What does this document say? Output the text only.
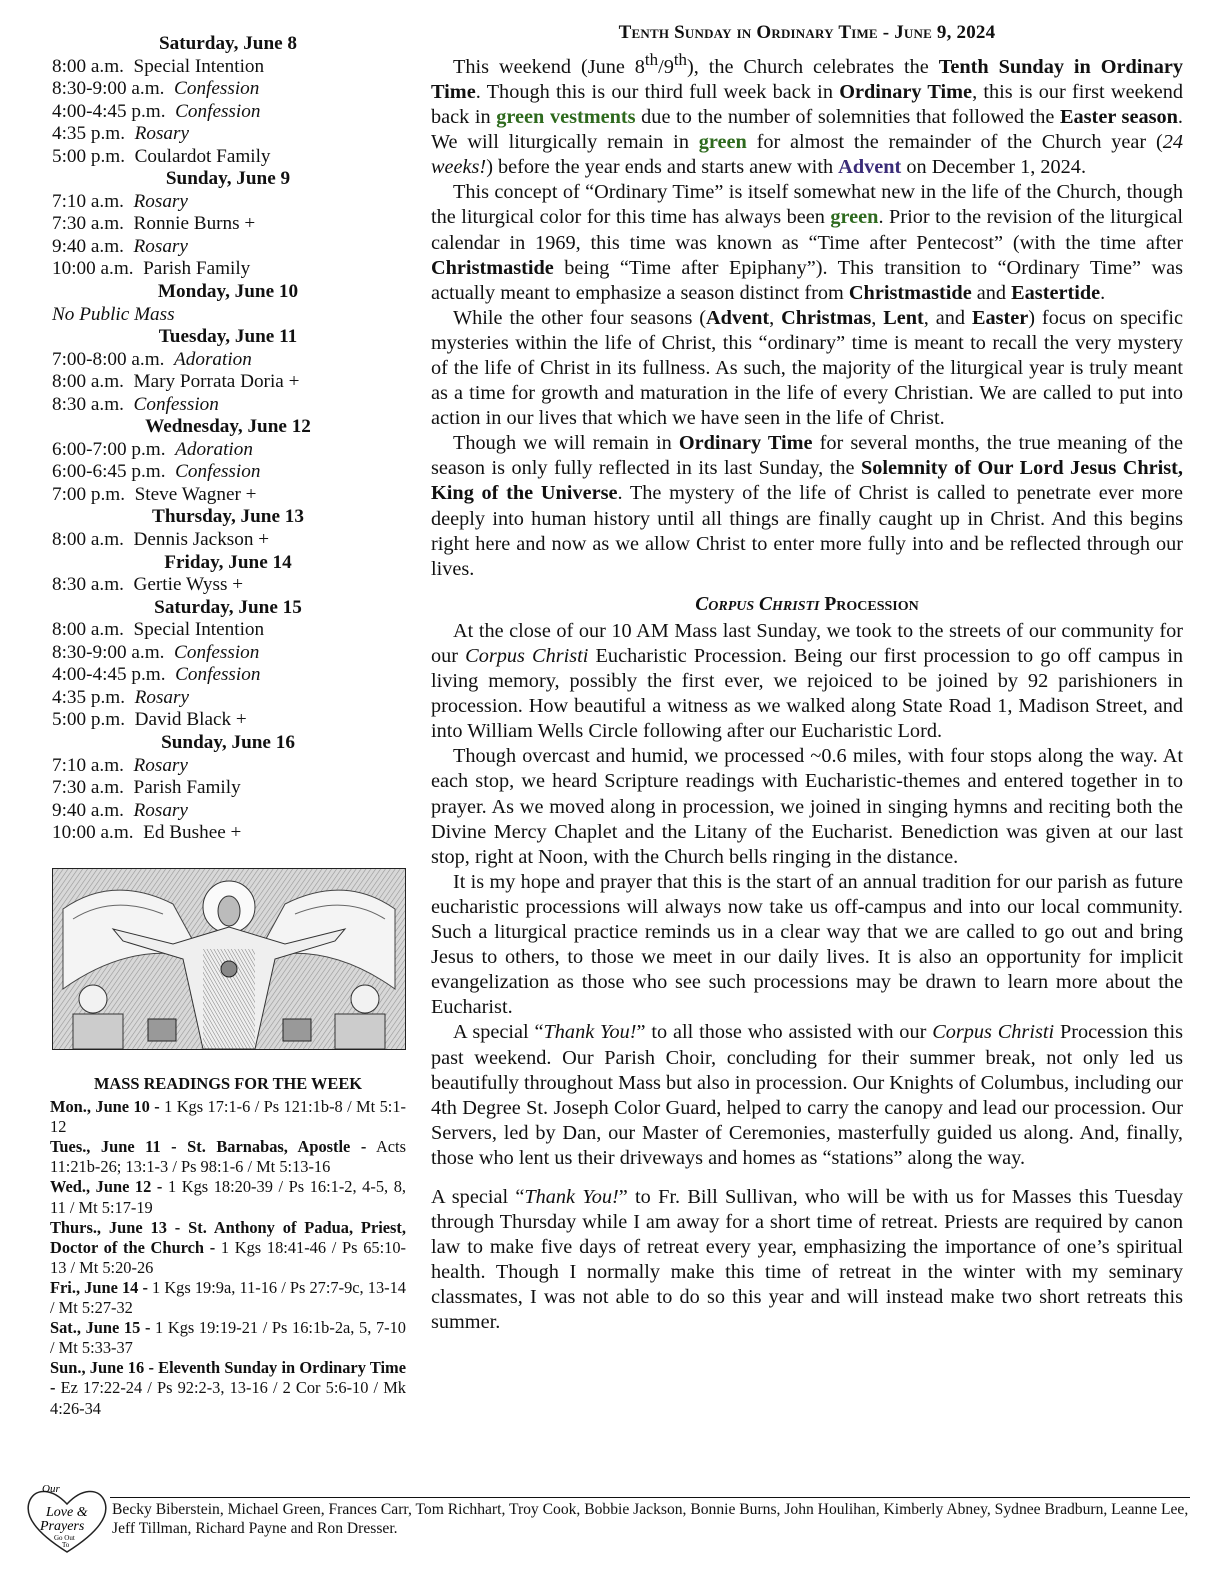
Saturday, June 8
8:00 a.m.  Special Intention
8:30-9:00 a.m.  Confession
4:00-4:45 p.m.  Confession
4:35 p.m.  Rosary
5:00 p.m.  Coulardot Family
Sunday, June 9
7:10 a.m.  Rosary
7:30 a.m.  Ronnie Burns +
9:40 a.m.  Rosary
10:00 a.m.  Parish Family
Monday, June 10
No Public Mass
Tuesday, June 11
7:00-8:00 a.m.  Adoration
8:00 a.m.  Mary Porrata Doria +
8:30 a.m.  Confession
Wednesday, June 12
6:00-7:00 p.m.  Adoration
6:00-6:45 p.m.  Confession
7:00 p.m.  Steve Wagner +
Thursday, June 13
8:00 a.m.  Dennis Jackson +
Friday, June 14
8:30 a.m.  Gertie Wyss +
Saturday, June 15
8:00 a.m.  Special Intention
8:30-9:00 a.m.  Confession
4:00-4:45 p.m.  Confession
4:35 p.m.  Rosary
5:00 p.m.  David Black +
Sunday, June 16
7:10 a.m.  Rosary
7:30 a.m.  Parish Family
9:40 a.m.  Rosary
10:00 a.m.  Ed Bushee +
MASS READINGS FOR THE WEEK

Mon., June 10 - 1 Kgs 17:1-6 / Ps 121:1b-8 / Mt 5:1-12

Tues., June 11 - St. Barnabas, Apostle - Acts 11:21b-26; 13:1-3 / Ps 98:1-6 / Mt 5:13-16

Wed., June 12 - 1 Kgs 18:20-39 / Ps 16:1-2, 4-5, 8, 11 / Mt 5:17-19

Thurs., June 13 - St. Anthony of Padua, Priest, Doctor of the Church - 1 Kgs 18:41-46 / Ps 65:10-13 / Mt 5:20-26

Fri., June 14 - 1 Kgs 19:9a, 11-16 / Ps 27:7-9c, 13-14 / Mt 5:27-32

Sat., June 15 - 1 Kgs 19:19-21 / Ps 16:1b-2a, 5, 7-10 / Mt 5:33-37

Sun., June 16 - Eleventh Sunday in Ordinary Time - Ez 17:22-24 / Ps 92:2-3, 13-16 / 2 Cor 5:6-10 / Mk 4:26-34

Tenth Sunday in Ordinary Time - June 9, 2024

This weekend (June 8th/9th), the Church celebrates the Tenth Sunday in Ordinary Time. Though this is our third full week back in Ordinary Time, this is our first weekend back in green vestments due to the number of solemnities that followed the Easter season. We will liturgically remain in green for almost the remainder of the Church year (24 weeks!) before the year ends and starts anew with Advent on December 1, 2024.

This concept of “Ordinary Time” is itself somewhat new in the life of the Church, though the liturgical color for this time has always been green. Prior to the revision of the liturgical calendar in 1969, this time was known as “Time after Pentecost” (with the time after Christmastide being “Time after Epiphany”). This transition to “Ordinary Time” was actually meant to emphasize a season distinct from Christmastide and Eastertide.

While the other four seasons (Advent, Christmas, Lent, and Easter) focus on specific mysteries within the life of Christ, this “ordinary” time is meant to recall the very mystery of the life of Christ in its fullness. As such, the majority of the liturgical year is truly meant as a time for growth and maturation in the life of every Christian. We are called to put into action in our lives that which we have seen in the life of Christ.

Though we will remain in Ordinary Time for several months, the true meaning of the season is only fully reflected in its last Sunday, the Solemnity of Our Lord Jesus Christ, King of the Universe. The mystery of the life of Christ is called to penetrate ever more deeply into human history until all things are finally caught up in Christ. And this begins right here and now as we allow Christ to enter more fully into and be reflected through our lives.

Corpus Christi Procession

At the close of our 10 AM Mass last Sunday, we took to the streets of our community for our Corpus Christi Eucharistic Procession. Being our first procession to go off campus in living memory, possibly the first ever, we rejoiced to be joined by 92 parishioners in procession. How beautiful a witness as we walked along State Road 1, Madison Street, and into William Wells Circle following after our Eucharistic Lord.

Though overcast and humid, we processed ~0.6 miles, with four stops along the way. At each stop, we heard Scripture readings with Eucharistic-themes and entered together in to prayer. As we moved along in procession, we joined in singing hymns and reciting both the Divine Mercy Chaplet and the Litany of the Eucharist. Benediction was given at our last stop, right at Noon, with the Church bells ringing in the distance.

It is my hope and prayer that this is the start of an annual tradition for our parish as future eucharistic processions will always now take us off-campus and into our local community. Such a liturgical practice reminds us in a clear way that we are called to go out and bring Jesus to others, to those we meet in our daily lives. It is also an opportunity for implicit evangelization as those who see such processions may be drawn to learn more about the Eucharist.

A special “Thank You!” to all those who assisted with our Corpus Christi Procession this past weekend. Our Parish Choir, concluding for their summer break, not only led us beautifully throughout Mass but also in procession. Our Knights of Columbus, including our 4th Degree St. Joseph Color Guard, helped to carry the canopy and lead our procession. Our Servers, led by Dan, our Master of Ceremonies, masterfully guided us along. And, finally, those who lent us their driveways and homes as “stations” along the way.

A special “Thank You!” to Fr. Bill Sullivan, who will be with us for Masses this Tuesday through Thursday while I am away for a short time of retreat. Priests are required by canon law to make five days of retreat every year, emphasizing the importance of one’s spiritual health. Though I normally make this time of retreat in the winter with my seminary classmates, I was not able to do so this year and will instead make two short retreats this summer.

Our
Love &
Prayers
Go Out
To
Becky Biberstein, Michael Green, Frances Carr, Tom Richhart, Troy Cook, Bobbie Jackson, Bonnie Burns, John Houlihan, Kimberly Abney, Sydnee Bradburn, Leanne Lee, Jeff Tillman, Richard Payne and Ron Dresser.
